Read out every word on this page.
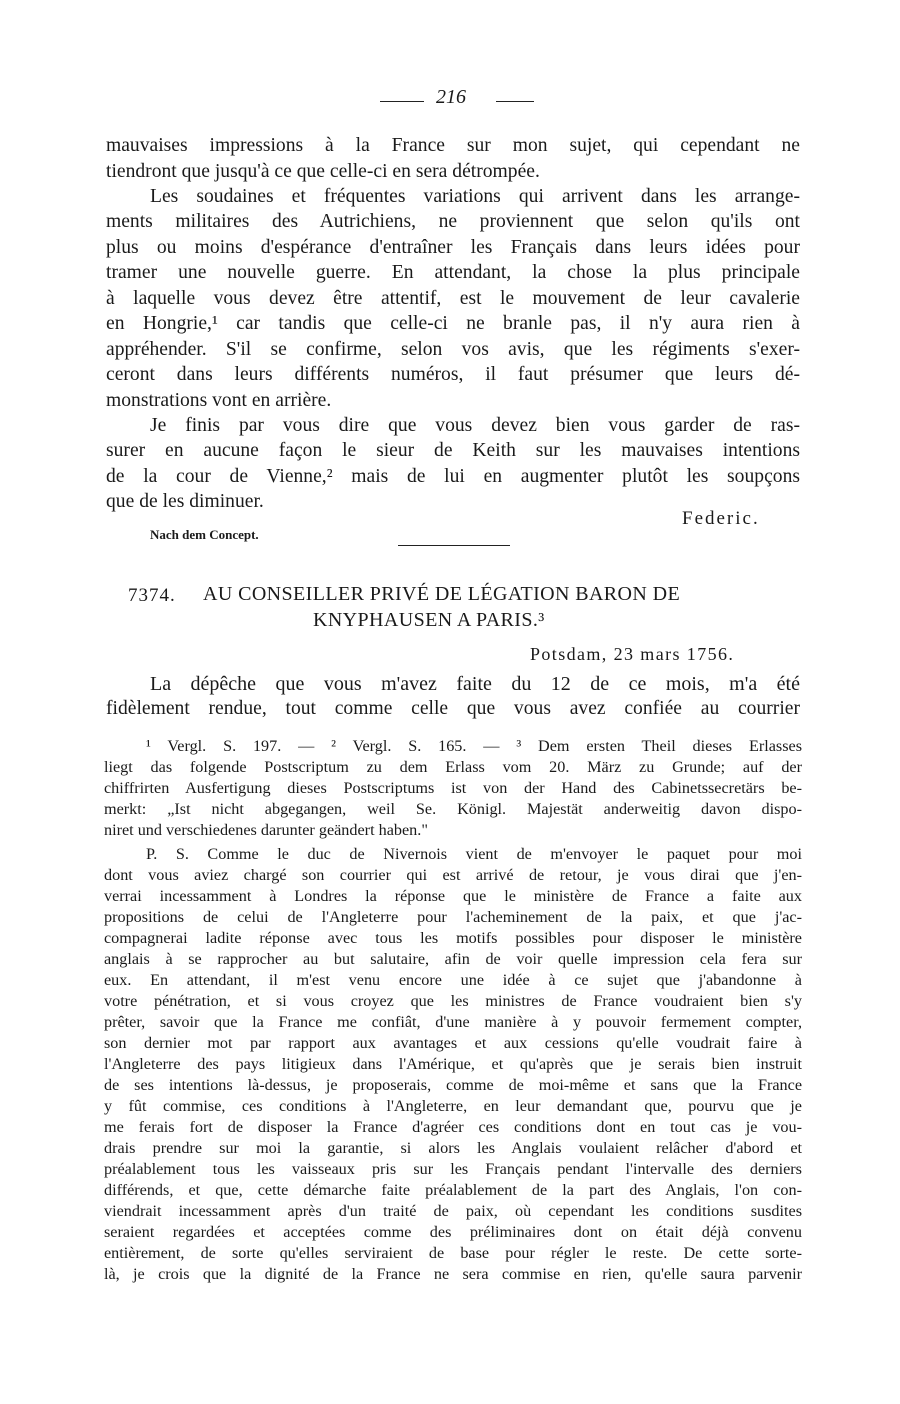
216
mauvaises impressions à la France sur mon sujet, qui cependant ne
tiendront que jusqu'à ce que celle-ci en sera détrompée.
Les soudaines et fréquentes variations qui arrivent dans les arrange-
ments militaires des Autrichiens, ne proviennent que selon qu'ils ont
plus ou moins d'espérance d'entraîner les Français dans leurs idées pour
tramer une nouvelle guerre. En attendant, la chose la plus principale
à laquelle vous devez être attentif, est le mouvement de leur cavalerie
en Hongrie,¹ car tandis que celle-ci ne branle pas, il n'y aura rien à
appréhender. S'il se confirme, selon vos avis, que les régiments s'exer-
ceront dans leurs différents numéros, il faut présumer que leurs dé-
monstrations vont en arrière.
Je finis par vous dire que vous devez bien vous garder de ras-
surer en aucune façon le sieur de Keith sur les mauvaises intentions
de la cour de Vienne,² mais de lui en augmenter plutôt les soupçons
que de les diminuer.
Federic.
Nach dem Concept.
7374. AU CONSEILLER PRIVÉ DE LÉGATION BARON DE
KNYPHAUSEN A PARIS.³
Potsdam, 23 mars 1756.
La dépêche que vous m'avez faite du 12 de ce mois, m'a été
fidèlement rendue, tout comme celle que vous avez confiée au courrier
¹ Vergl. S. 197. — ² Vergl. S. 165. — ³ Dem ersten Theil dieses Erlasses
liegt das folgende Postscriptum zu dem Erlass vom 20. März zu Grunde; auf der
chiffrirten Ausfertigung dieses Postscriptums ist von der Hand des Cabinetssecretärs be-
merkt: „Ist nicht abgegangen, weil Se. Königl. Majestät anderweitig davon dispo-
niret und verschiedenes darunter geändert haben."
P. S. Comme le duc de Nivernois vient de m'envoyer le paquet pour moi
dont vous aviez chargé son courrier qui est arrivé de retour, je vous dirai que j'en-
verrai incessamment à Londres la réponse que le ministère de France a faite aux
propositions de celui de l'Angleterre pour l'acheminement de la paix, et que j'ac-
compagnerai ladite réponse avec tous les motifs possibles pour disposer le ministère
anglais à se rapprocher au but salutaire, afin de voir quelle impression cela fera sur
eux. En attendant, il m'est venu encore une idée à ce sujet que j'abandonne à
votre pénétration, et si vous croyez que les ministres de France voudraient bien s'y
prêter, savoir que la France me confiât, d'une manière à y pouvoir fermement compter,
son dernier mot par rapport aux avantages et aux cessions qu'elle voudrait faire à
l'Angleterre des pays litigieux dans l'Amérique, et qu'après que je serais bien instruit
de ses intentions là-dessus, je proposerais, comme de moi-même et sans que la France
y fût commise, ces conditions à l'Angleterre, en leur demandant que, pourvu que je
me ferais fort de disposer la France d'agréer ces conditions dont en tout cas je vou-
drais prendre sur moi la garantie, si alors les Anglais voulaient relâcher d'abord et
préalablement tous les vaisseaux pris sur les Français pendant l'intervalle des derniers
différends, et que, cette démarche faite préalablement de la part des Anglais, l'on con-
viendrait incessamment après d'un traité de paix, où cependant les conditions susdites
seraient regardées et acceptées comme des préliminaires dont on était déjà convenu
entièrement, de sorte qu'elles serviraient de base pour régler le reste. De cette sorte-
là, je crois que la dignité de la France ne sera commise en rien, qu'elle saura parvenir
